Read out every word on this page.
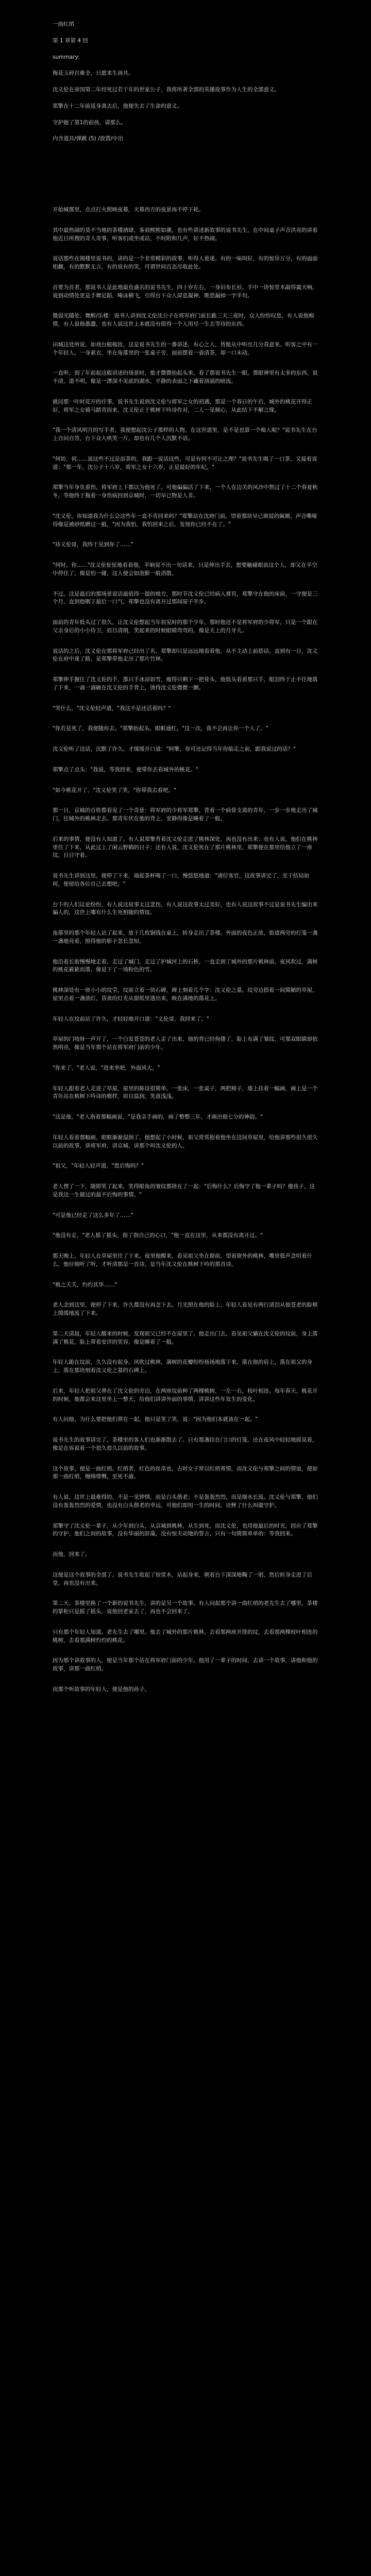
一曲红绡
第 1 章第 4 回
summary:
梅花玉碎自难全，只愿来生再共。
沈义伦在帝国第二年经死过若干年的世家公子，我将所著全部的英雄故事作为人生的全部意义。
郑擎在十二年前返身离去后，他便失去了生命的意义。
守护她了第1的前孩，请那么。
内含道具/弹跳 (5) /放置/中出

开始城那里，点点打火照映夜幕，天幕西方的夜景再不停下耗。

其中最热闹的莫不当地的茶楼酒肆，客商熙熙如潮，也有些讲述新故事的说书先生，在中间桌子声音洪亮的讲着他近日所搜的奇人奇事，听客们或坐或站，不时附和几声，好不热闹。

说话那些在阁楼里说书的，讲的是一个非常精彩的故事，听得人着迷。有的一味叫好，有的惊异万分，有的面面相觑，有的默默无言，有的说有的笑，可谓世间百态尽收此处。

首要为首者，那说书人是此地最负盛名的说书先生，四十岁左右，一身旧布长衫，手中一块惊堂木敲得震天响，说到动情处更是手舞足蹈，唾沫横飞，引得台下众人屏息凝神，唯恐漏掉一字半句。

微弱光随处，舞醉/乐楼：说书人讲到沈义伦沈公子在将军府门前长跪三天三夜时，众人纷纷叹息，有人说他痴情，有人说他愚蠢，也有人说这世上本就没有值得一个人用尽一生去等待的东西。

田城这处所说，如戏台般梳妆，这是说书先生的一番讲述，有心之人，皆能从中听出几分真意来。听客之中有一个年轻人，一身素衣，坐在角落里的一张桌子旁，面前摆着一壶清茶，却一口未动。

一直听，到了年前起这般讲述的场景时，他才微微抬起头来，看了那说书先生一眼。那眼神里有太多的东西，说不清，道不明，像是一潭深不见底的湖水，平静的表面之下藏着汹涌的暗流。

就问那一叶时花开的往事，说书先生说到沈义伦与将军之女的初遇，那是一个春日的午后，城外的桃花开得正好，将军之女骑马踏青而来，沈义伦正于桃树下吟诗作对，二人一见倾心，从此结下不解之缘。

"我一个清风明月的写手者，我便想起沈公子那样的人物，在这世道里，是不是也算一个痴人呢？"说书先生在台上自问自答，台下众人哄笑一片，却也有几个人沉默不语。

"何妨，何……说这些不过是添茶的，我跟一说话这些，可是有何不可让之理？"说书先生喝了一口茶，又接着说道："那一年，沈公子十八岁，将军之女十六岁，正是最好的年纪。"

郑擎当年身负重伤，将军府上下都以为他死了。可他偏偏活了下来，一个人在边关的风沙中熬过了十二个春夏秋冬，等他终于拖着一身伤病回到京城时，一切早已物是人非。

"沈义伦，你知道我为什么会这些年一直不肯回来吗？"郑擎站在沈府门前，望着那块早已斑驳的匾额，声音嘶哑得像是被砂纸磨过一般，"因为我怕，我怕回来之后，发现你已经不在了。"

"待义伦哥，我终于见到你了……"

"何时，你……"沈义伦怔怔地看着他，半晌说不出一句话来，只是伸出手去，想要触碰眼前这个人，却又在半空中停住了，像是怕一碰，这人便会如泡影一般消散。

不过，这是最后的那场景说话最值得一提的地方，那时节沈义伦已经病入膏肓，郑擎守在他的床前，一守便是三个月，直到他咽下最后一口气，郑擎也没有离开过那间屋子半步。

面前的青年低头过了很久，让沈义伦想起当年初见时的那个少年，那时他还不是将军府的少将军，只是一个跟在父亲身后的小小侍卫，眉目清朗，笑起来的时候眼睛弯弯的，像是天上的月牙儿。

说话的之后，沈义伦在那将军府已经出了名，郑擎却只是远远地看着他，从不主动上前搭话。直到有一日，沈义伦在府中迷了路，是郑擎带他走出了那片竹林。

郑擎伸手握住了沈义伦的手，那只手冰凉如雪，瘦得只剩下一把骨头，他低头看着那只手，眼泪终于止不住地落了下来，一滴一滴砸在沈义伦的手背上，烫得沈义伦微微一颤。

"哭什么，"沈义伦轻声道，"我这不是还活着吗？"

"你若是死了，我便随你去。"郑擎抬起头，眼眶通红，"这一次，我不会再让你一个人了。"

沈义伦听了这话，沉默了许久，才缓缓开口道："阿擎，你可还记得当年你临走之前，跟我说过的话？"

郑擎点了点头："我说，等我回来，便带你去看城外的桃花。"

"如今桃花开了，"沈义伦笑了笑，"你带我去看吧。"

那一日，京城的百姓都看见了一个奇景：将军府的少将军郑擎，背着一个病骨支离的青年，一步一步地走出了城门，往城外的桃林走去。那青年伏在他的背上，安静得像是睡着了一般。

后来的事情，便没有人知道了。有人说郑擎背着沈义伦走进了桃林深处，再也没有出来；也有人说，他们在桃林里住了下来，从此过上了闲云野鹤的日子；还有人说，沈义伦死在了那片桃林里，郑擎便在那里给他立了一座坟，日日守着。

说书先生讲到这里，便停了下来，端起茶杯喝了一口，慢悠悠地道："诸位客官，这故事讲完了，至于结局如何，便留给各位自己去想吧。"

台下的人们议论纷纷，有人说这故事太过悲伤，有人说这故事太过美好，也有人说这故事不过是说书先生编出来骗人的，这世上哪有什么生死相随的情谊。

角落里的那个年轻人站了起来，放下几枚铜钱在桌上，转身走出了茶楼。外面的夜色正浓，街道两旁的灯笼一盏一盏地亮着，照得他的影子忽长忽短。

他沿着长街慢慢地走着，走过了城门，走过了护城河上的石桥，一直走到了城外的那片桃林前。夜风吹过，满树的桃花簌簌而落，像是下了一场粉色的雪。

桃林深处有一座小小的坟茔，坟前立着一块石碑，碑上刻着几个字：沈义伦之墓。坟旁边搭着一间简陋的草屋，屋里点着一盏油灯，昏黄的灯光从窗纸里透出来，映在满地的落花上。

年轻人在坟前站了许久，才轻轻地开口道："义伦哥，我回来了。"

草屋的门吱呀一声开了，一个白发苍苍的老人走了出来，他的背已经佝偻了，脸上布满了皱纹，可那双眼睛却依然明亮，像是当年那个站在将军府门前的少年。

"你来了，"老人说，"进来坐吧，外面风大。"

年轻人跟着老人走进了草屋，屋里的陈设很简单，一张床，一张桌子，两把椅子，墙上挂着一幅画，画上是一个青年站在桃树下吟诗的模样，眉目温润，笑意浅浅。

"这是他，"老人指着那幅画说，"是我亲手画的，画了整整三年，才画出他七分的神韵。"

年轻人看着那幅画，眼眶渐渐湿润了。他想起了小时候，祖父常常抱着他坐在这间草屋里，给他讲那些很久很久以前的故事，讲将军府，讲京城，讲那个叫沈义伦的人。

"祖父，"年轻人轻声道，"您后悔吗？"

老人愣了一下，随即笑了起来，笑得眼角的皱纹都挤在了一起："后悔什么？后悔守了他一辈子吗？傻孩子，这是我这一生做过的最不后悔的事情。"

"可是他已经走了这么多年了……"

"他没有走，"老人摇了摇头，指了指自己的心口，"他一直在这里，从来都没有离开过。"

那天晚上，年轻人在草屋里住了下来。夜里他醒来，看见祖父坐在窗前，望着窗外的桃林，嘴里低声念叨着什么，他仔细听了听，才听清那是一首诗，是当年沈义伦在桃树下吟的那首诗。

"桃之夭夭，灼灼其华……"

老人念到这里，便停了下来，许久都没有再念下去。月光照在他的脸上，年轻人看见有两行清泪从他苍老的脸颊上缓缓地流了下来。

第二天清晨，年轻人醒来的时候，发现祖父已经不在屋里了。他走出门去，看见祖父躺在沈义伦的坟前，身上落满了桃花，脸上带着安详的笑容，像是睡着了一般。

年轻人跪在坟前，久久没有起身。风吹过桃林，满树的花瓣纷纷扬扬地落下来，落在他的肩上，落在祖父的身上，落在那块刻着沈义伦之墓的石碑上。

后来，年轻人把祖父葬在了沈义伦的旁边，在两座坟前种了两棵桃树，一左一右，枝叶相连。每年春天，桃花开的时候，他都会来这里坐上一整天，给他们讲讲外面的事情，讲讲这些年发生的变化。

有人问他，为什么要把他们葬在一起，他只是笑了笑，说："因为他们本就该在一起。"

说书先生的故事讲完了，茶楼里的客人们也渐渐散去了。只有那盏挂在门口的灯笼，还在夜风中轻轻地摇晃着，像是在诉说着一个很久很久以前的故事。

这个故事，便是一曲红绡。红绡者，红色的丝帛也，古时女子常以红绡寄情，而沈义伦与郑擎之间的情谊，便如那一曲红绡，缠绵悱恻，至死不渝。

有人说，这世上最难得的，不是一见钟情，而是白头偕老；不是轰轰烈烈，而是细水长流。沈义伦与郑擎，他们没有轰轰烈烈的爱情，也没有白头偕老的幸运，可他们却用一生的时间，诠释了什么叫做守护。

郑擎守了沈义伦一辈子，从少年到白头，从京城到桃林，从生到死。而沈义伦，也用他最后的时光，回应了郑擎的守护，他们之间的故事，没有华丽的辞藻，没有惊天动地的誓言，只有一句简简单单的：等我回来。

而他，回来了。

这便是这个故事的全部了。说书先生收起了惊堂木，站起身来，朝着台下深深地鞠了一躬，然后转身走进了后堂，再也没有出来。

第二天，茶楼里换了一个新的说书先生，讲的是另一个故事。有人问起那个讲一曲红绡的老先生去了哪里，茶楼的掌柜只是摇了摇头，说他回老家去了，再也不会回来了。

只有那个年轻人知道，老先生去了哪里。他去了城外的那片桃林，去看那两座并排的坟，去看那两棵枝叶相连的桃树，去看那满树灼灼的桃花。

因为那个讲故事的人，便是当年那个站在将军府门前的少年。他用了一辈子的时间，去讲一个故事，讲他和他的故事，讲那一曲红绡。

而那个听故事的年轻人，便是他的孙子。
